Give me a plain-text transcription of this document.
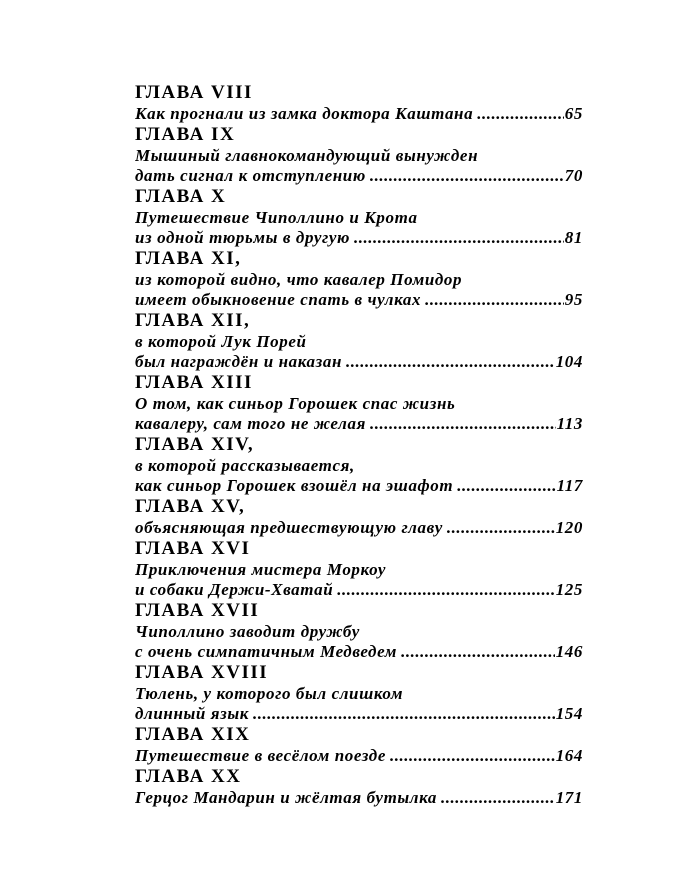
ГЛАВА VIII
Как прогнали из замка доктора Каштана .....	65
ГЛАВА IX
Мышиный главнокомандующий вынужден
дать сигнал к отступлению .....	70
ГЛАВА X
Путешествие Чиполлино и Крота
из одной тюрьмы в другую .....	81
ГЛАВА XI,
из которой видно, что кавалер Помидор
имеет обыкновение спать в чулках .....	95
ГЛАВА XII,
в которой Лук Порей
был награждён и наказан .....	104
ГЛАВА XIII
О том, как синьор Горошек спас жизнь
кавалеру, сам того не желая .....	113
ГЛАВА XIV,
в которой рассказывается,
как синьор Горошек взошёл на эшафот .....	117
ГЛАВА XV,
объясняющая предшествующую главу .....	120
ГЛАВА XVI
Приключения мистера Моркоу
и собаки Держи-Хватай .....	125
ГЛАВА XVII
Чиполлино заводит дружбу
с очень симпатичным Медведем .....	146
ГЛАВА XVIII
Тюлень, у которого был слишком
длинный язык .....	154
ГЛАВА XIX
Путешествие в весёлом поезде .....	164
ГЛАВА XX
Герцог Мандарин и жёлтая бутылка .....	171
